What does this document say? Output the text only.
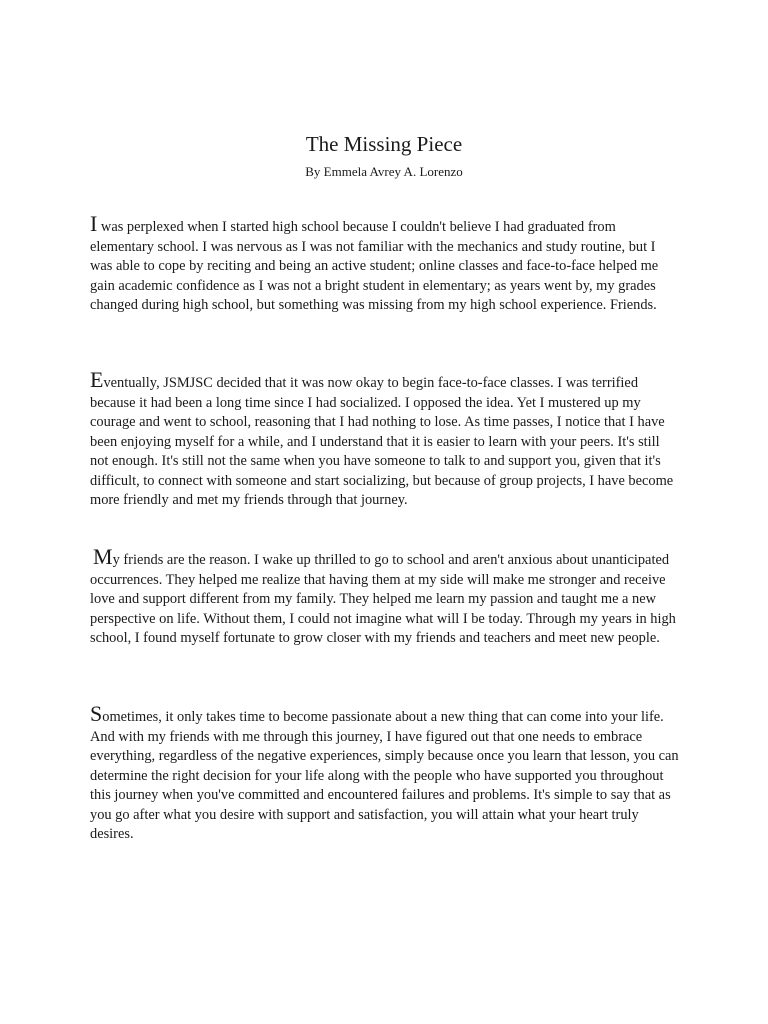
The Missing Piece

By Emmela Avrey A. Lorenzo

I was perplexed when I started high school because I couldn't believe I had graduated from elementary school. I was nervous as I was not familiar with the mechanics and study routine, but I was able to cope by reciting and being an active student; online classes and face-to-face helped me gain academic confidence as I was not a bright student in elementary; as years went by, my grades changed during high school, but something was missing from my high school experience. Friends.

Eventually, JSMJSC decided that it was now okay to begin face-to-face classes. I was terrified because it had been a long time since I had socialized. I opposed the idea. Yet I mustered up my courage and went to school, reasoning that I had nothing to lose. As time passes, I notice that I have been enjoying myself for a while, and I understand that it is easier to learn with your peers. It's still not enough. It's still not the same when you have someone to talk to and support you, given that it's difficult, to connect with someone and start socializing, but because of group projects, I have become more friendly and met my friends through that journey.

My friends are the reason. I wake up thrilled to go to school and aren't anxious about unanticipated occurrences. They helped me realize that having them at my side will make me stronger and receive love and support different from my family. They helped me learn my passion and taught me a new perspective on life. Without them, I could not imagine what will I be today. Through my years in high school, I found myself fortunate to grow closer with my friends and teachers and meet new people.

Sometimes, it only takes time to become passionate about a new thing that can come into your life. And with my friends with me through this journey, I have figured out that one needs to embrace everything, regardless of the negative experiences, simply because once you learn that lesson, you can determine the right decision for your life along with the people who have supported you throughout this journey when you've committed and encountered failures and problems. It's simple to say that as you go after what you desire with support and satisfaction, you will attain what your heart truly desires.
